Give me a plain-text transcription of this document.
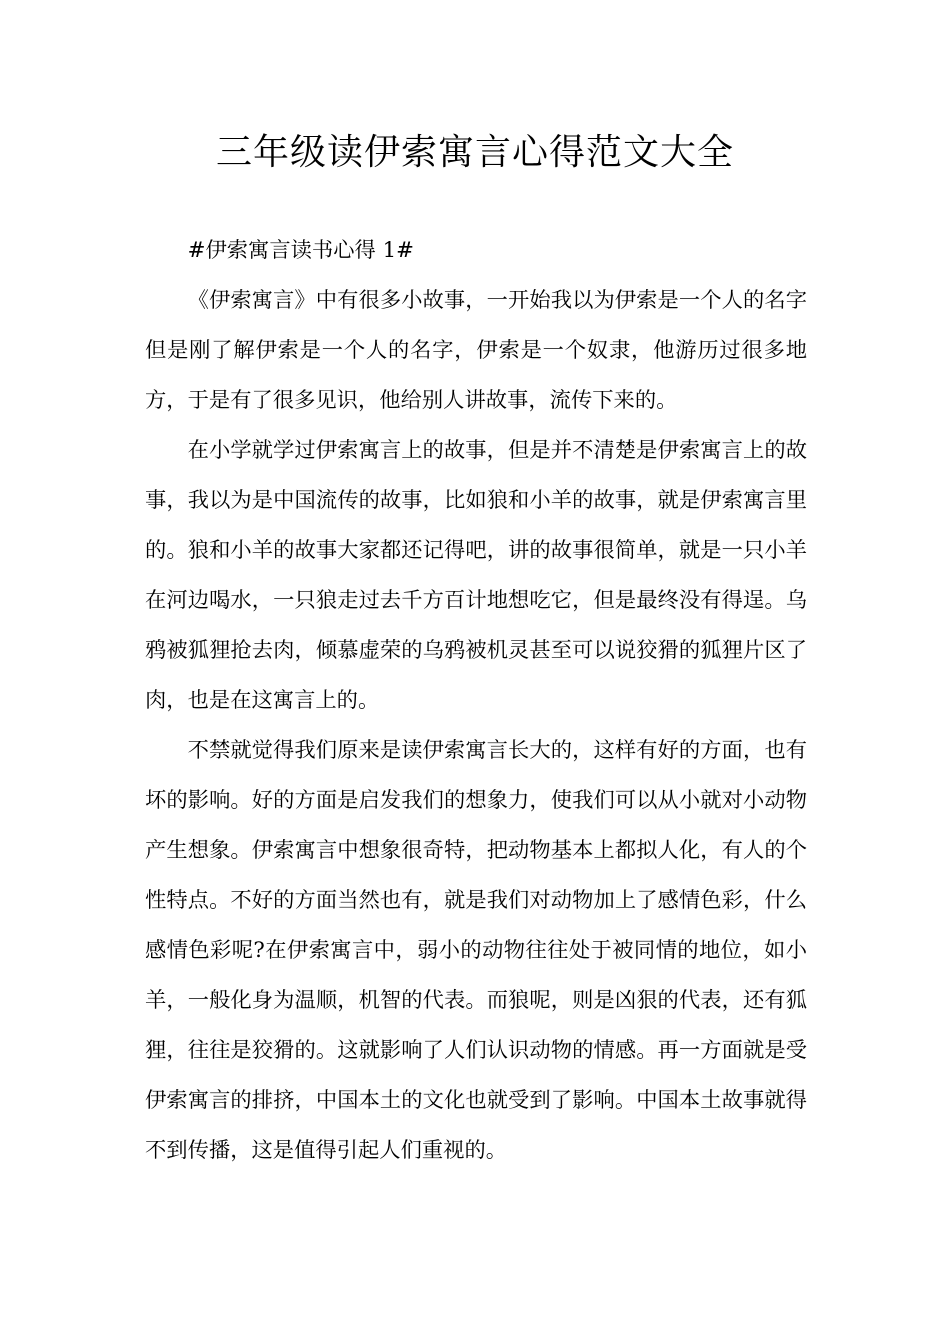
三年级读伊索寓言心得范文大全

#伊索寓言读书心得 1#

《伊索寓言》中有很多小故事，一开始我以为伊索是一个人的名字但是刚了解伊索是一个人的名字，伊索是一个奴隶，他游历过很多地方，于是有了很多见识，他给别人讲故事，流传下来的。

在小学就学过伊索寓言上的故事，但是并不清楚是伊索寓言上的故事，我以为是中国流传的故事，比如狼和小羊的故事，就是伊索寓言里的。狼和小羊的故事大家都还记得吧，讲的故事很简单，就是一只小羊在河边喝水，一只狼走过去千方百计地想吃它，但是最终没有得逞。乌鸦被狐狸抢去肉，倾慕虚荣的乌鸦被机灵甚至可以说狡猾的狐狸片区了肉，也是在这寓言上的。

不禁就觉得我们原来是读伊索寓言长大的，这样有好的方面，也有坏的影响。好的方面是启发我们的想象力，使我们可以从小就对小动物产生想象。伊索寓言中想象很奇特，把动物基本上都拟人化，有人的个性特点。不好的方面当然也有，就是我们对动物加上了感情色彩，什么感情色彩呢?在伊索寓言中，弱小的动物往往处于被同情的地位，如小羊，一般化身为温顺，机智的代表。而狼呢，则是凶狠的代表，还有狐狸，往往是狡猾的。这就影响了人们认识动物的情感。再一方面就是受伊索寓言的排挤，中国本土的文化也就受到了影响。中国本土故事就得不到传播，这是值得引起人们重视的。
